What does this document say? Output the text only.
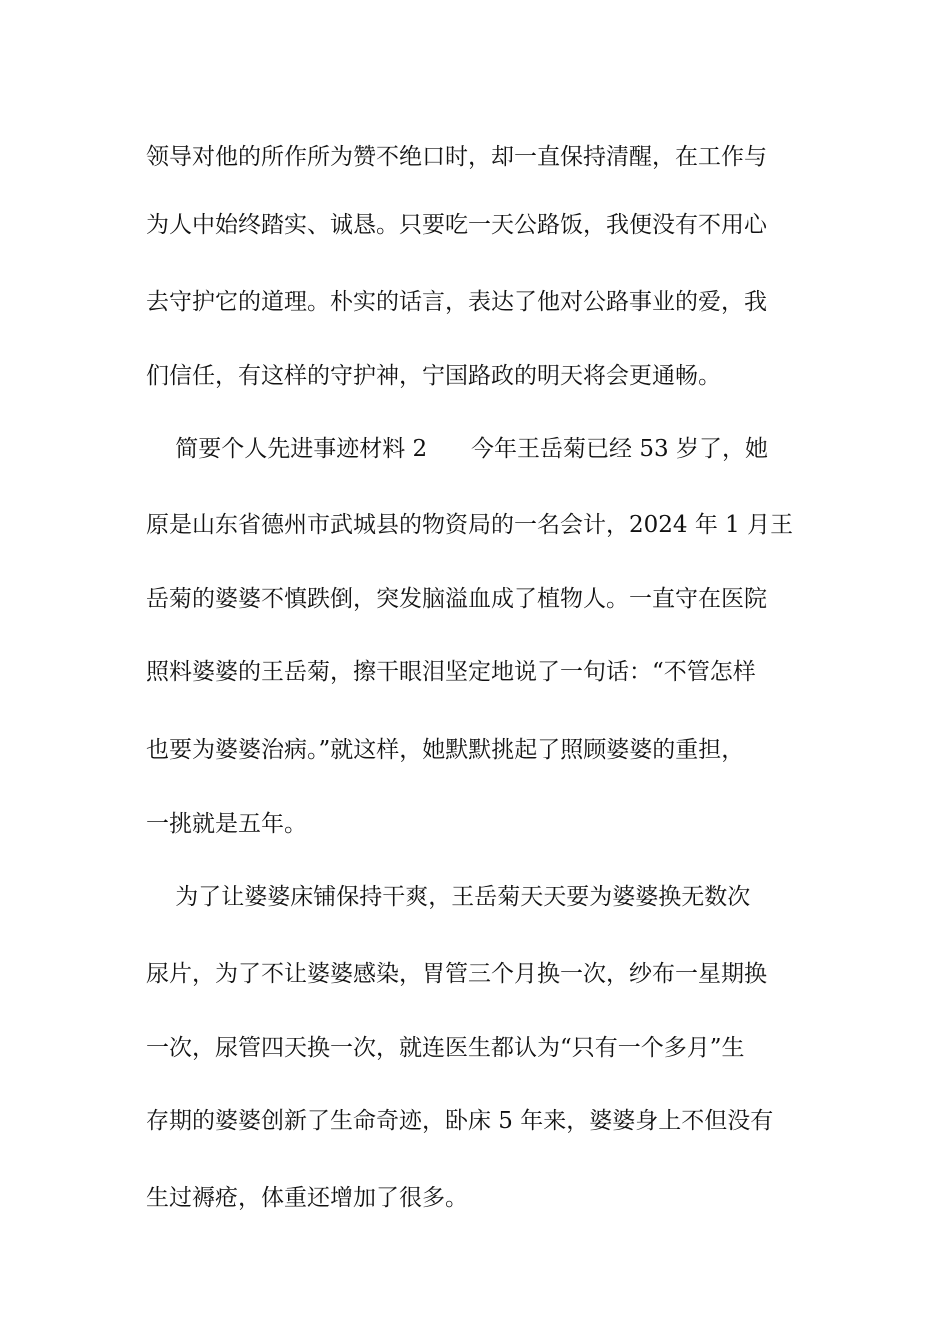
领导对他的所作所为赞不绝口时，却一直保持清醒，在工作与
为人中始终踏实、诚恳。只要吃一天公路饭，我便没有不用心
去守护它的道理。朴实的话言，表达了他对公路事业的爱，我
们信任，有这样的守护神，宁国路政的明天将会更通畅。
简要个人先进事迹材料 2      今年王岳菊已经 53 岁了，她
原是山东省德州市武城县的物资局的一名会计，2024 年 1 月王
岳菊的婆婆不慎跌倒，突发脑溢血成了植物人。一直守在医院
照料婆婆的王岳菊，擦干眼泪坚定地说了一句话：“不管怎样
也要为婆婆治病。”就这样，她默默挑起了照顾婆婆的重担，
一挑就是五年。
为了让婆婆床铺保持干爽，王岳菊天天要为婆婆换无数次
尿片，为了不让婆婆感染，胃管三个月换一次，纱布一星期换
一次，尿管四天换一次，就连医生都认为“只有一个多月”生
存期的婆婆创新了生命奇迹，卧床 5 年来，婆婆身上不但没有
生过褥疮，体重还增加了很多。
